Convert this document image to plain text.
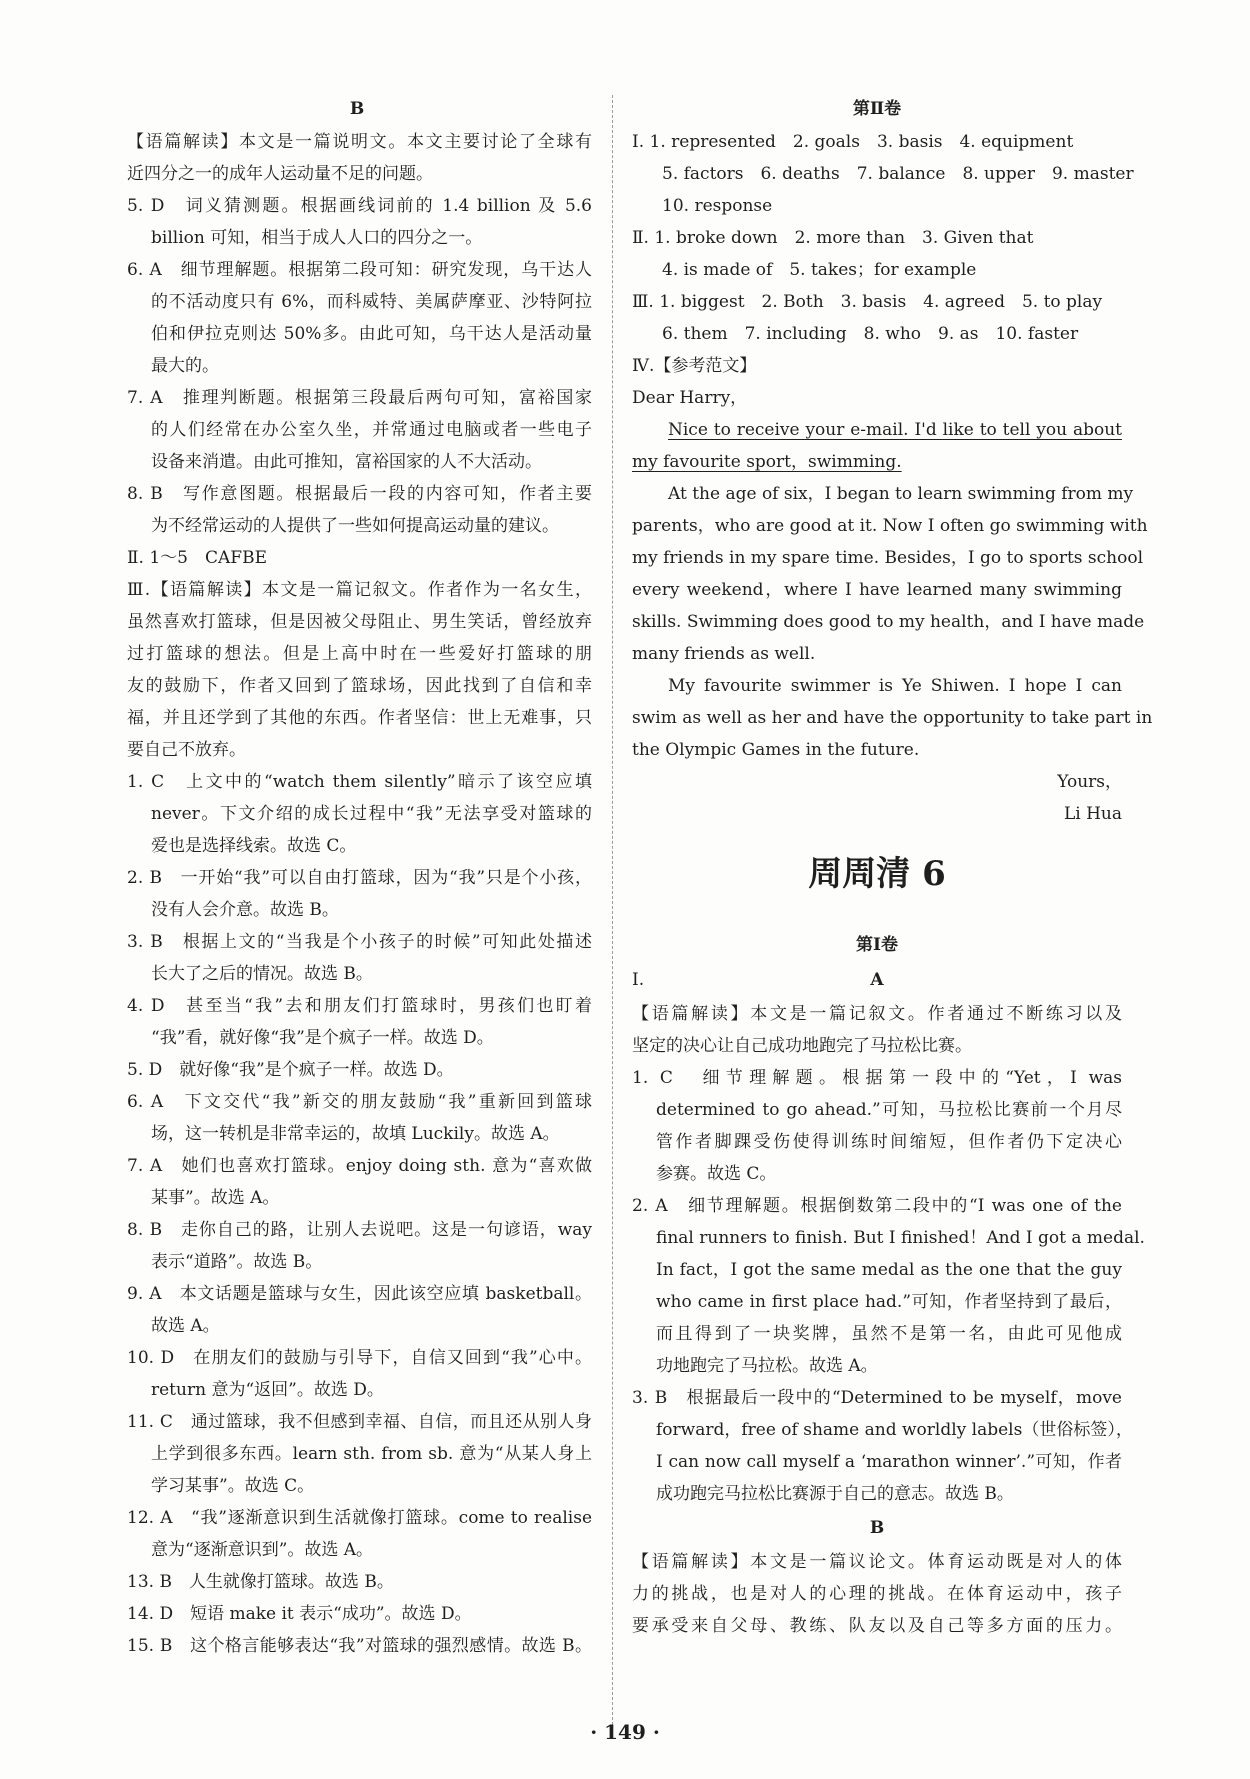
B
【语篇解读】本文是一篇说明文。本文主要讨论了全球有
近四分之一的成年人运动量不足的问题。
5. D　词义猜测题。根据画线词前的 1.4 billion 及 5.6
billion 可知，相当于成人人口的四分之一。
6. A　细节理解题。根据第二段可知：研究发现，乌干达人
的不活动度只有 6%，而科威特、美属萨摩亚、沙特阿拉
伯和伊拉克则达 50%多。由此可知，乌干达人是活动量
最大的。
7. A　推理判断题。根据第三段最后两句可知，富裕国家
的人们经常在办公室久坐，并常通过电脑或者一些电子
设备来消遣。由此可推知，富裕国家的人不大活动。
8. B　写作意图题。根据最后一段的内容可知，作者主要
为不经常运动的人提供了一些如何提高运动量的建议。
Ⅱ. 1～5　CAFBE
Ⅲ.【语篇解读】本文是一篇记叙文。作者作为一名女生，
虽然喜欢打篮球，但是因被父母阻止、男生笑话，曾经放弃
过打篮球的想法。但是上高中时在一些爱好打篮球的朋
友的鼓励下，作者又回到了篮球场，因此找到了自信和幸
福，并且还学到了其他的东西。作者坚信：世上无难事，只
要自己不放弃。
1. C　上文中的“watch them silently”暗示了该空应填
never。下文介绍的成长过程中“我”无法享受对篮球的
爱也是选择线索。故选 C。
2. B　一开始“我”可以自由打篮球，因为“我”只是个小孩，
没有人会介意。故选 B。
3. B　根据上文的“当我是个小孩子的时候”可知此处描述
长大了之后的情况。故选 B。
4. D　甚至当“我”去和朋友们打篮球时，男孩们也盯着
“我”看，就好像“我”是个疯子一样。故选 D。
5. D　就好像“我”是个疯子一样。故选 D。
6. A　下文交代“我”新交的朋友鼓励“我”重新回到篮球
场，这一转机是非常幸运的，故填 Luckily。故选 A。
7. A　她们也喜欢打篮球。enjoy doing sth. 意为“喜欢做
某事”。故选 A。
8. B　走你自己的路，让别人去说吧。这是一句谚语，way
表示“道路”。故选 B。
9. A　本文话题是篮球与女生，因此该空应填 basketball。
故选 A。
10. D　在朋友们的鼓励与引导下，自信又回到“我”心中。
return 意为“返回”。故选 D。
11. C　通过篮球，我不但感到幸福、自信，而且还从别人身
上学到很多东西。learn sth. from sb. 意为“从某人身上
学习某事”。故选 C。
12. A　“我”逐渐意识到生活就像打篮球。come to realise
意为“逐渐意识到”。故选 A。
13. B　人生就像打篮球。故选 B。
14. D　短语 make it 表示“成功”。故选 D。
15. B　这个格言能够表达“我”对篮球的强烈感情。故选 B。
第Ⅱ卷
Ⅰ. 1. represented　2. goals　3. basis　4. equipment
5. factors　6. deaths　7. balance　8. upper　9. master
10. response
Ⅱ. 1. broke down　2. more than　3. Given that
4. is made of　5. takes；for example
Ⅲ. 1. biggest　2. Both　3. basis　4. agreed　5. to play
6. them　7. including　8. who　9. as　10. faster
Ⅳ.【参考范文】
Dear Harry，
Nice to receive your e-mail. I'd like to tell you about
my favourite sport，swimming.
At the age of six，I began to learn swimming from my
parents，who are good at it. Now I often go swimming with
my friends in my spare time. Besides，I go to sports school
every weekend，where I have learned many swimming
skills. Swimming does good to my health，and I have made
many friends as well.
My favourite swimmer is Ye Shiwen. I hope I can
swim as well as her and have the opportunity to take part in
the Olympic Games in the future.
Yours，
Li Hua
第Ⅰ卷
Ⅰ.	A
【语篇解读】本文是一篇记叙文。作者通过不断练习以及
坚定的决心让自己成功地跑完了马拉松比赛。
1. C　细节理解题。根据第一段中的“Yet，I was
determined to go ahead.”可知，马拉松比赛前一个月尽
管作者脚踝受伤使得训练时间缩短，但作者仍下定决心
参赛。故选 C。
2. A　细节理解题。根据倒数第二段中的“I was one of the
final runners to finish. But I finished！And I got a medal.
In fact，I got the same medal as the one that the guy
who came in first place had.”可知，作者坚持到了最后，
而且得到了一块奖牌，虽然不是第一名，由此可见他成
功地跑完了马拉松。故选 A。
3. B　根据最后一段中的“Determined to be myself，move
forward，free of shame and worldly labels（世俗标签），
I can now call myself a ‘marathon winner’.”可知，作者
成功跑完马拉松比赛源于自己的意志。故选 B。
B
【语篇解读】本文是一篇议论文。体育运动既是对人的体
力的挑战，也是对人的心理的挑战。在体育运动中，孩子
要承受来自父母、教练、队友以及自己等多方面的压力。
周周清 6
· 149 ·
